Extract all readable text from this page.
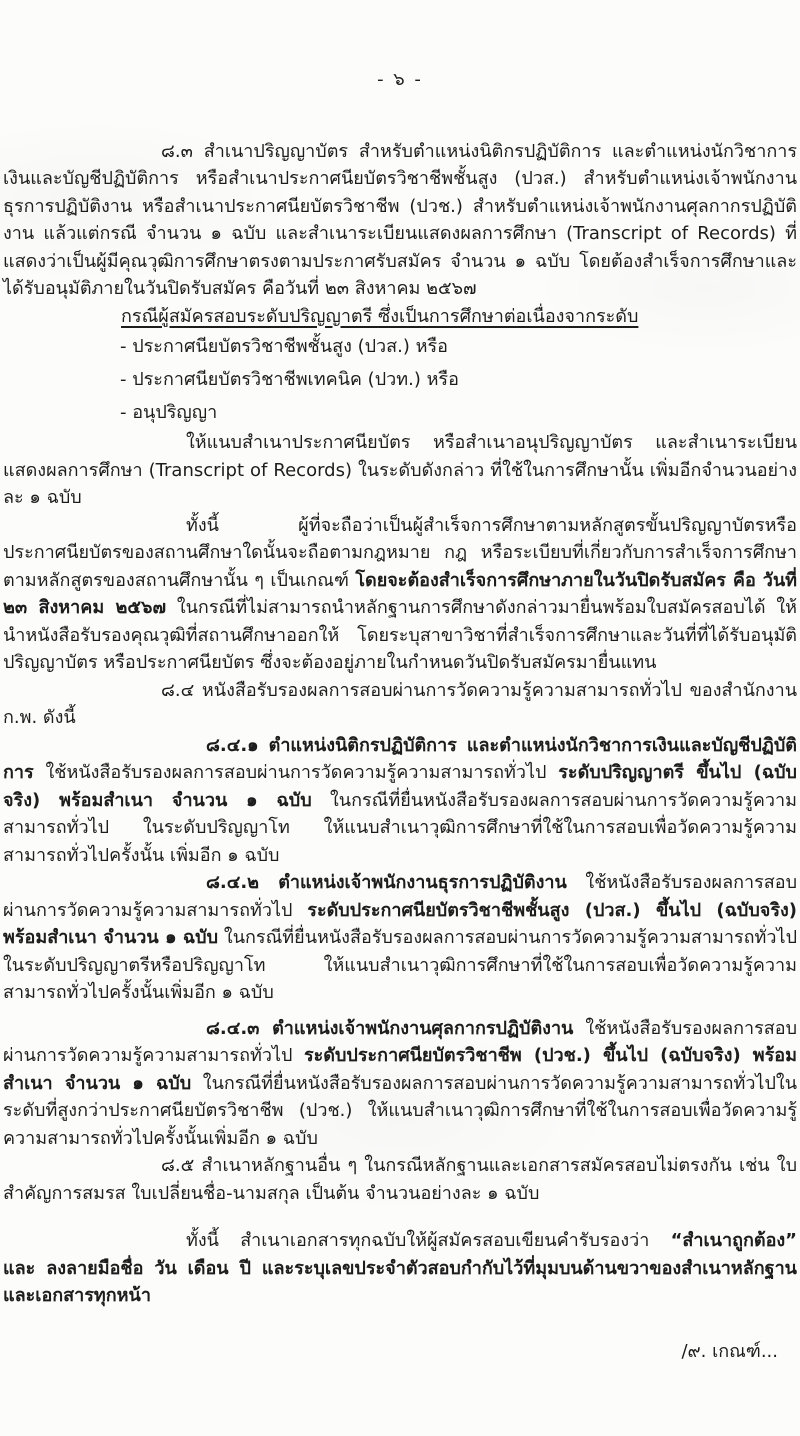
- ๖ -

๘.๓ สำเนาปริญญาบัตร สำหรับตำแหน่งนิติกรปฏิบัติการ และตำแหน่งนักวิชาการเงินและบัญชีปฏิบัติการ หรือสำเนาประกาศนียบัตรวิชาชีพชั้นสูง (ปวส.) สำหรับตำแหน่งเจ้าพนักงานธุรการปฏิบัติงาน หรือสำเนาประกาศนียบัตรวิชาชีพ (ปวช.) สำหรับตำแหน่งเจ้าพนักงานศุลกากรปฏิบัติงาน แล้วแต่กรณี จำนวน ๑ ฉบับ และสำเนาระเบียนแสดงผลการศึกษา (Transcript of Records) ที่แสดงว่าเป็นผู้มีคุณวุฒิการศึกษาตรงตามประกาศรับสมัคร จำนวน ๑ ฉบับ โดยต้องสำเร็จการศึกษาและได้รับอนุมัติภายในวันปิดรับสมัคร คือวันที่ ๒๓ สิงหาคม ๒๕๖๗

กรณีผู้สมัครสอบระดับปริญญาตรี ซึ่งเป็นการศึกษาต่อเนื่องจากระดับ

- ประกาศนียบัตรวิชาชีพชั้นสูง (ปวส.) หรือ

- ประกาศนียบัตรวิชาชีพเทคนิค (ปวท.) หรือ

- อนุปริญญา

ให้แนบสำเนาประกาศนียบัตร หรือสำเนาอนุปริญญาบัตร และสำเนาระเบียนแสดงผลการศึกษา (Transcript of Records) ในระดับดังกล่าว ที่ใช้ในการศึกษานั้น เพิ่มอีกจำนวนอย่างละ ๑ ฉบับ

ทั้งนี้ ผู้ที่จะถือว่าเป็นผู้สำเร็จการศึกษาตามหลักสูตรขั้นปริญญาบัตรหรือประกาศนียบัตรของสถานศึกษาใดนั้นจะถือตามกฎหมาย กฎ หรือระเบียบที่เกี่ยวกับการสำเร็จการศึกษาตามหลักสูตรของสถานศึกษานั้น ๆ เป็นเกณฑ์ โดยจะต้องสำเร็จการศึกษาภายในวันปิดรับสมัคร คือ วันที่ ๒๓ สิงหาคม ๒๕๖๗ ในกรณีที่ไม่สามารถนำหลักฐานการศึกษาดังกล่าวมายื่นพร้อมใบสมัครสอบได้ ให้นำหนังสือรับรองคุณวุฒิที่สถานศึกษาออกให้ โดยระบุสาขาวิชาที่สำเร็จการศึกษาและวันที่ที่ได้รับอนุมัติปริญญาบัตร หรือประกาศนียบัตร ซึ่งจะต้องอยู่ภายในกำหนดวันปิดรับสมัครมายื่นแทน

๘.๔ หนังสือรับรองผลการสอบผ่านการวัดความรู้ความสามารถทั่วไป ของสำนักงาน ก.พ. ดังนี้

๘.๔.๑ ตำแหน่งนิติกรปฏิบัติการ และตำแหน่งนักวิชาการเงินและบัญชีปฏิบัติการ ใช้หนังสือรับรองผลการสอบผ่านการวัดความรู้ความสามารถทั่วไป ระดับปริญญาตรี ขึ้นไป (ฉบับจริง) พร้อมสำเนา จำนวน ๑ ฉบับ ในกรณีที่ยื่นหนังสือรับรองผลการสอบผ่านการวัดความรู้ความสามารถทั่วไป ในระดับปริญญาโท ให้แนบสำเนาวุฒิการศึกษาที่ใช้ในการสอบเพื่อวัดความรู้ความสามารถทั่วไปครั้งนั้น เพิ่มอีก ๑ ฉบับ

๘.๔.๒ ตำแหน่งเจ้าพนักงานธุรการปฏิบัติงาน ใช้หนังสือรับรองผลการสอบผ่านการวัดความรู้ความสามารถทั่วไป ระดับประกาศนียบัตรวิชาชีพชั้นสูง (ปวส.) ขึ้นไป (ฉบับจริง) พร้อมสำเนา จำนวน ๑ ฉบับ ในกรณีที่ยื่นหนังสือรับรองผลการสอบผ่านการวัดความรู้ความสามารถทั่วไปในระดับปริญญาตรีหรือปริญญาโท ให้แนบสำเนาวุฒิการศึกษาที่ใช้ในการสอบเพื่อวัดความรู้ความสามารถทั่วไปครั้งนั้นเพิ่มอีก ๑ ฉบับ

๘.๔.๓ ตำแหน่งเจ้าพนักงานศุลกากรปฏิบัติงาน ใช้หนังสือรับรองผลการสอบผ่านการวัดความรู้ความสามารถทั่วไป ระดับประกาศนียบัตรวิชาชีพ (ปวช.) ขึ้นไป (ฉบับจริง) พร้อมสำเนา จำนวน ๑ ฉบับ ในกรณีที่ยื่นหนังสือรับรองผลการสอบผ่านการวัดความรู้ความสามารถทั่วไปในระดับที่สูงกว่าประกาศนียบัตรวิชาชีพ (ปวช.) ให้แนบสำเนาวุฒิการศึกษาที่ใช้ในการสอบเพื่อวัดความรู้ความสามารถทั่วไปครั้งนั้นเพิ่มอีก ๑ ฉบับ

๘.๕ สำเนาหลักฐานอื่น ๆ ในกรณีหลักฐานและเอกสารสมัครสอบไม่ตรงกัน เช่น ใบสำคัญการสมรส ใบเปลี่ยนชื่อ-นามสกุล เป็นต้น จำนวนอย่างละ ๑ ฉบับ

ทั้งนี้ สำเนาเอกสารทุกฉบับให้ผู้สมัครสอบเขียนคำรับรองว่า “สำเนาถูกต้อง” และ ลงลายมือชื่อ วัน เดือน ปี และระบุเลขประจำตัวสอบกำกับไว้ที่มุมบนด้านขวาของสำเนาหลักฐานและเอกสารทุกหน้า

/๙. เกณฑ์...
